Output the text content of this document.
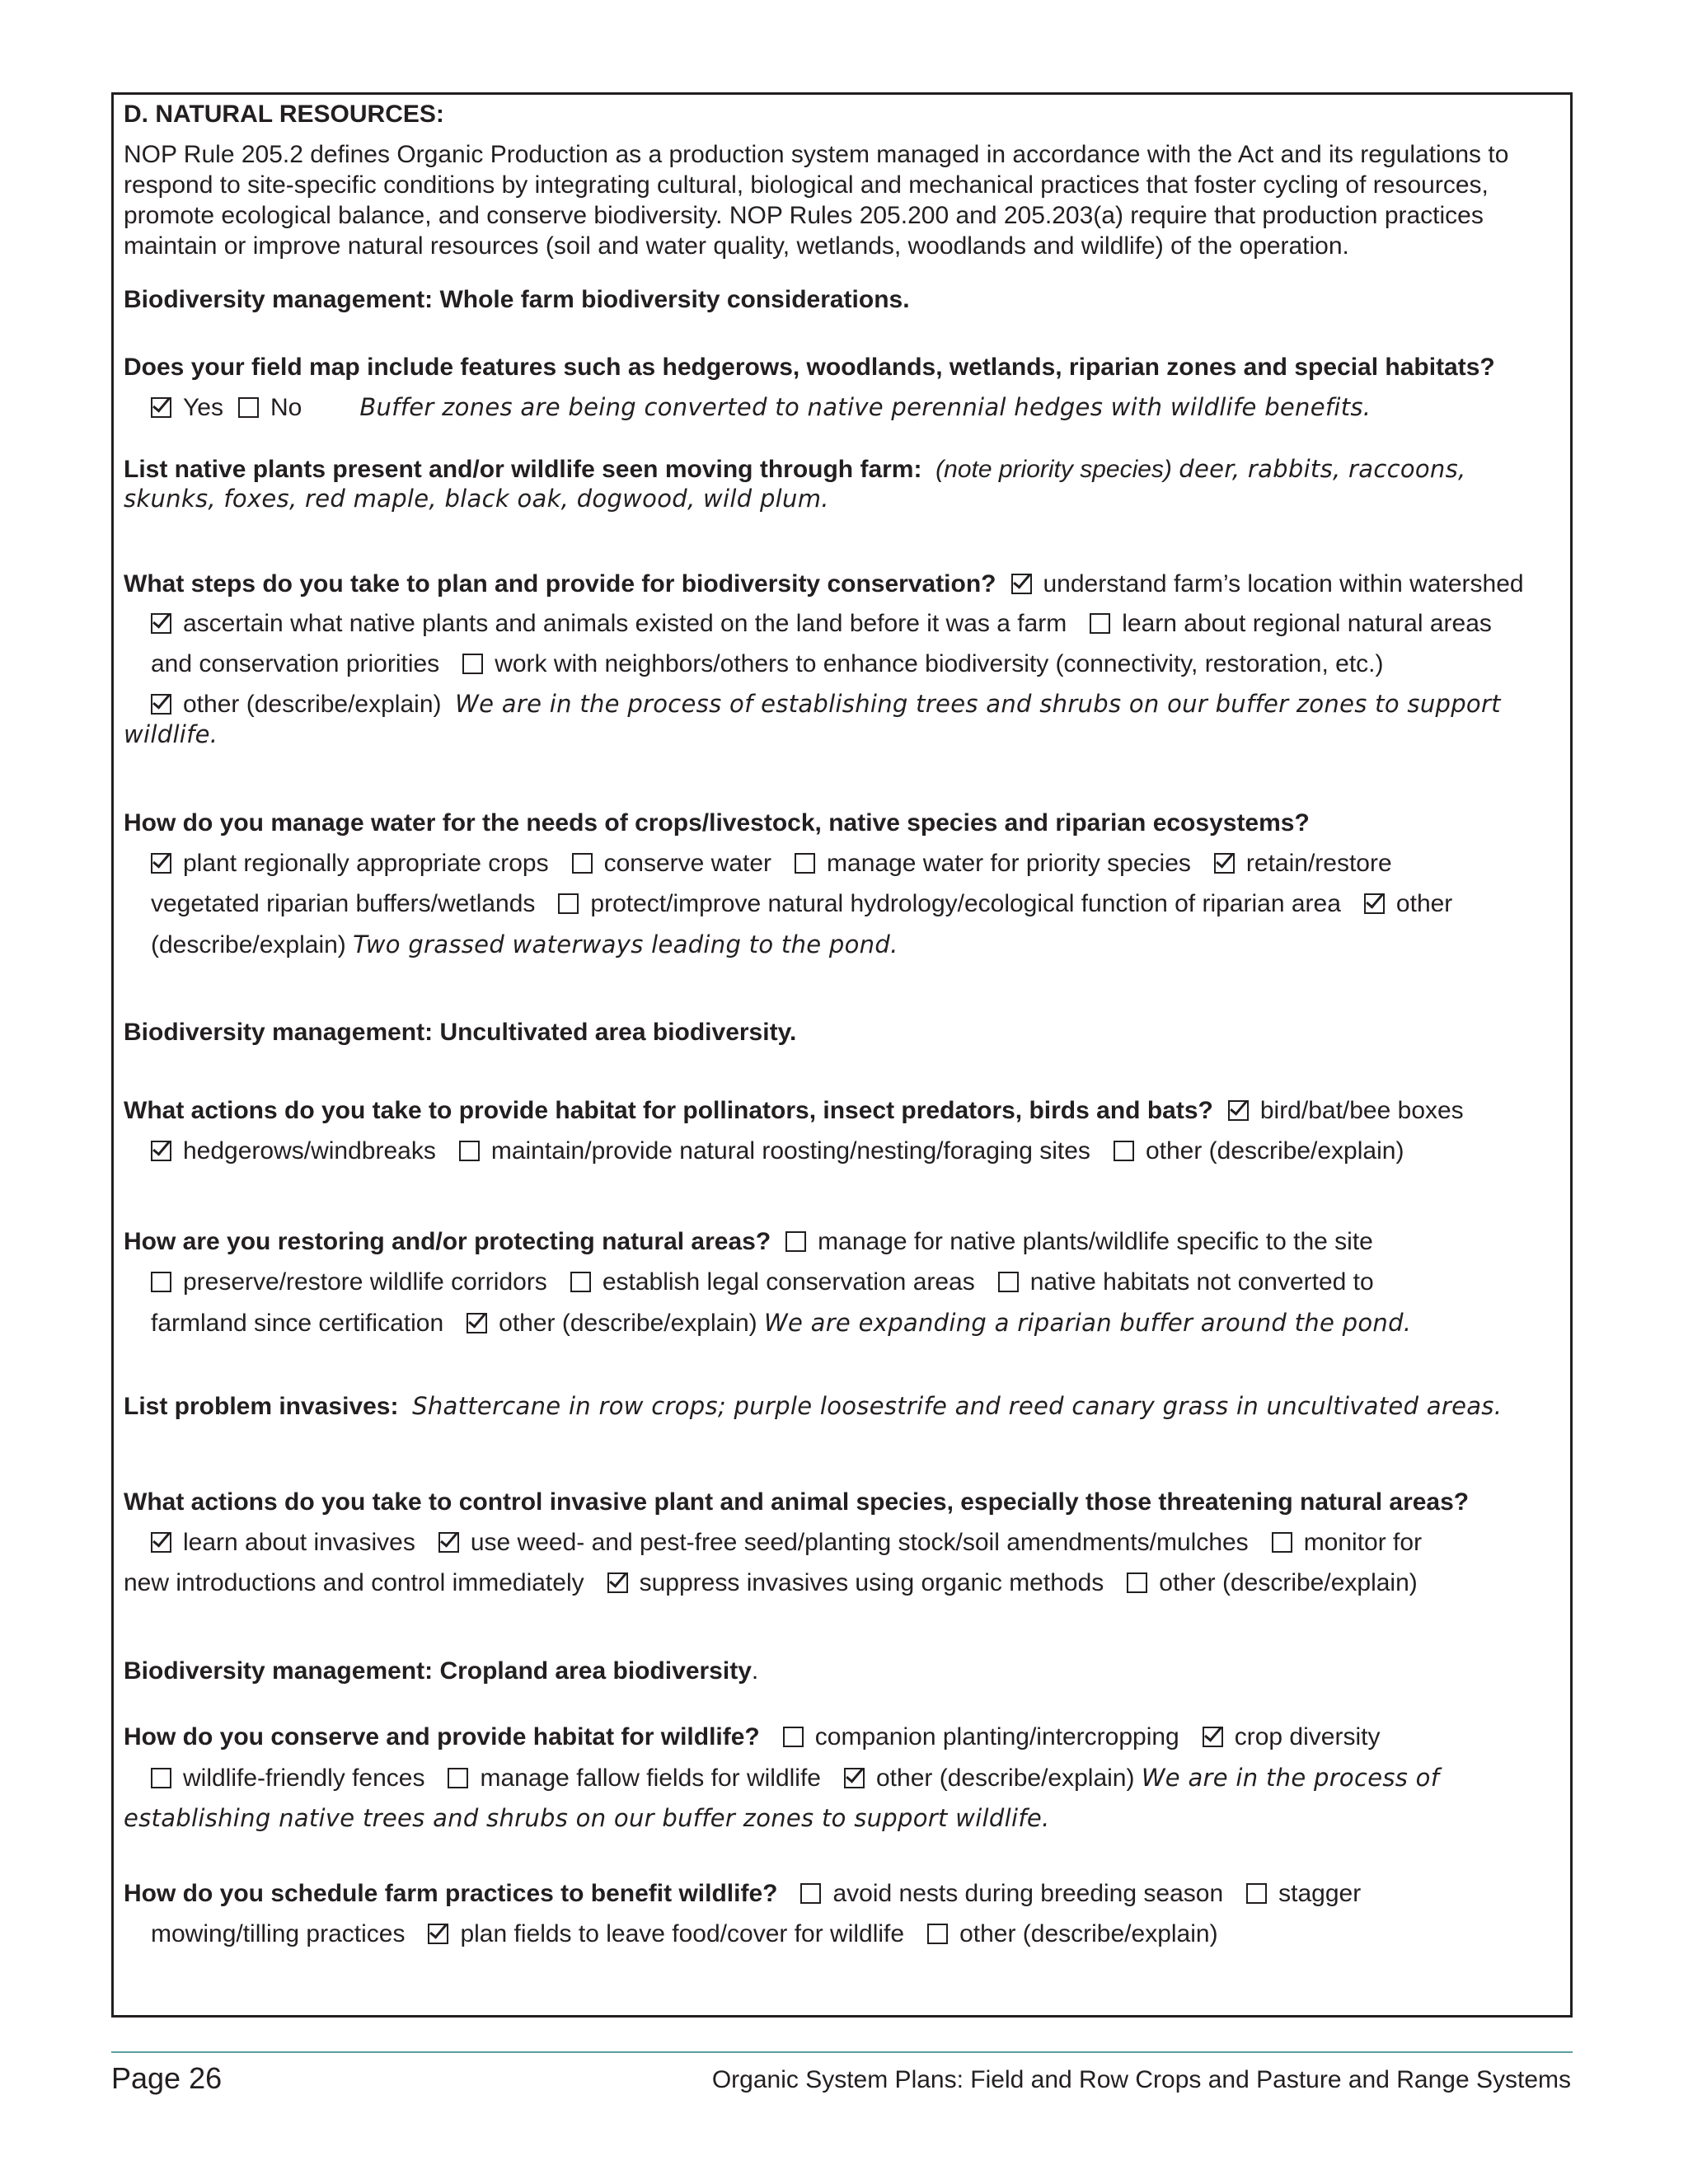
D. NATURAL RESOURCES:
NOP Rule 205.2 defines Organic Production as a production system managed in accordance with the Act and its regulations to
respond to site-specific conditions by integrating cultural, biological and mechanical practices that foster cycling of resources,
promote ecological balance, and conserve biodiversity. NOP Rules 205.200 and 205.203(a) require that production practices
maintain or improve natural resources (soil and water quality, wetlands, woodlands and wildlife) of the operation.
Biodiversity management: Whole farm biodiversity considerations.
Does your field map include features such as hedgerows, woodlands, wetlands, riparian zones and special habitats?
Yes No Buffer zones are being converted to native perennial hedges with wildlife benefits.
List native plants present and/or wildlife seen moving through farm: (note priority species) deer, rabbits, raccoons,
skunks, foxes, red maple, black oak, dogwood, wild plum.
What steps do you take to plan and provide for biodiversity conservation? understand farm’s location within watershed
ascertain what native plants and animals existed on the land before it was a farm learn about regional natural areas
and conservation priorities work with neighbors/others to enhance biodiversity (connectivity, restoration, etc.)
other (describe/explain) We are in the process of establishing trees and shrubs on our buffer zones to support
wildlife.
How do you manage water for the needs of crops/livestock, native species and riparian ecosystems?
plant regionally appropriate crops conserve water manage water for priority species retain/restore
vegetated riparian buffers/wetlands protect/improve natural hydrology/ecological function of riparian area other
(describe/explain) Two grassed waterways leading to the pond.
Biodiversity management: Uncultivated area biodiversity.
What actions do you take to provide habitat for pollinators, insect predators, birds and bats? bird/bat/bee boxes
hedgerows/windbreaks maintain/provide natural roosting/nesting/foraging sites other (describe/explain)
How are you restoring and/or protecting natural areas? manage for native plants/wildlife specific to the site
preserve/restore wildlife corridors establish legal conservation areas native habitats not converted to
farmland since certification other (describe/explain) We are expanding a riparian buffer around the pond.
List problem invasives: Shattercane in row crops; purple loosestrife and reed canary grass in uncultivated areas.
What actions do you take to control invasive plant and animal species, especially those threatening natural areas?
learn about invasives use weed- and pest-free seed/planting stock/soil amendments/mulches monitor for
new introductions and control immediately suppress invasives using organic methods other (describe/explain)
Biodiversity management: Cropland area biodiversity.
How do you conserve and provide habitat for wildlife? companion planting/intercropping crop diversity
wildlife-friendly fences manage fallow fields for wildlife other (describe/explain) We are in the process of
establishing native trees and shrubs on our buffer zones to support wildlife.
How do you schedule farm practices to benefit wildlife? avoid nests during breeding season stagger
mowing/tilling practices plan fields to leave food/cover for wildlife other (describe/explain)
Page 26	Organic System Plans: Field and Row Crops and Pasture and Range Systems
